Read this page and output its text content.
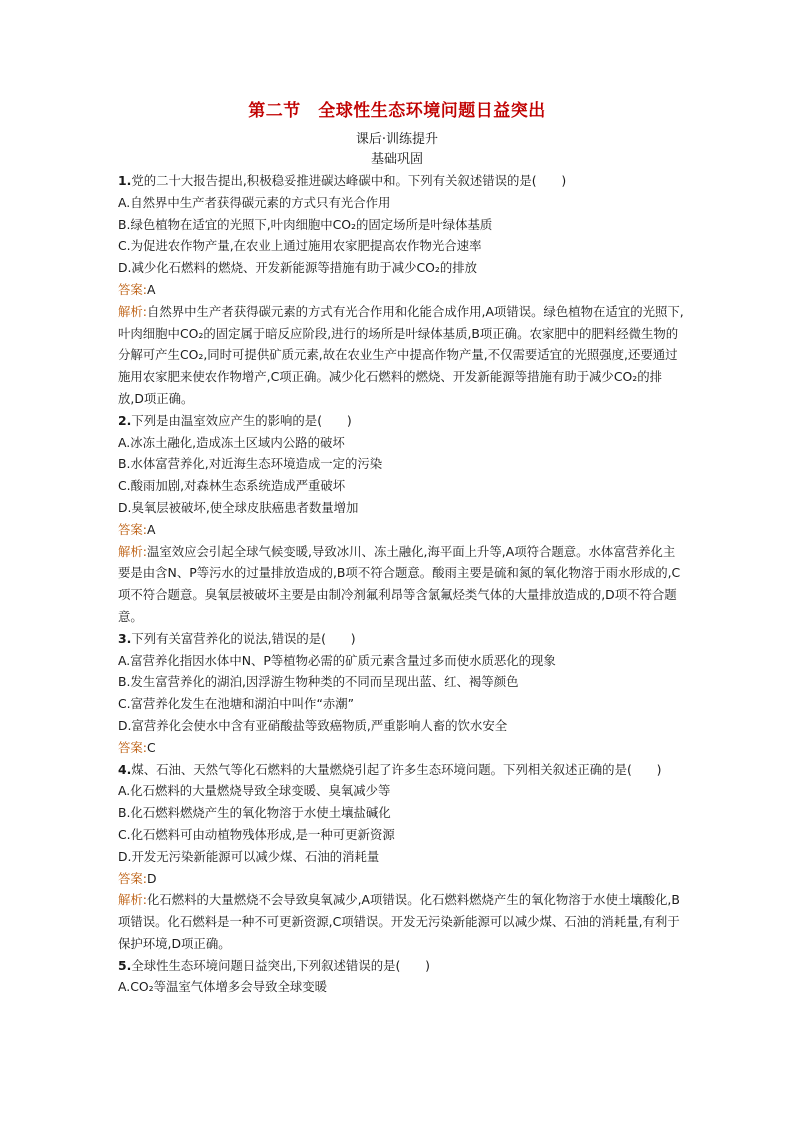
第二节　全球性生态环境问题日益突出
课后·训练提升
基础巩固

1.党的二十大报告提出,积极稳妥推进碳达峰碳中和。下列有关叙述错误的是(　　)

A.自然界中生产者获得碳元素的方式只有光合作用

B.绿色植物在适宜的光照下,叶肉细胞中CO₂的固定场所是叶绿体基质

C.为促进农作物产量,在农业上通过施用农家肥提高农作物光合速率

D.减少化石燃料的燃烧、开发新能源等措施有助于减少CO₂的排放

答案:A

解析:自然界中生产者获得碳元素的方式有光合作用和化能合成作用,A项错误。绿色植物在适宜的光照下,叶肉细胞中CO₂的固定属于暗反应阶段,进行的场所是叶绿体基质,B项正确。农家肥中的肥料经微生物的分解可产生CO₂,同时可提供矿质元素,故在农业生产中提高作物产量,不仅需要适宜的光照强度,还要通过施用农家肥来使农作物增产,C项正确。减少化石燃料的燃烧、开发新能源等措施有助于减少CO₂的排放,D项正确。

2.下列是由温室效应产生的影响的是(　　)

A.冰冻土融化,造成冻土区域内公路的破坏

B.水体富营养化,对近海生态环境造成一定的污染

C.酸雨加剧,对森林生态系统造成严重破坏

D.臭氧层被破坏,使全球皮肤癌患者数量增加

答案:A

解析:温室效应会引起全球气候变暖,导致冰川、冻土融化,海平面上升等,A项符合题意。水体富营养化主要是由含N、P等污水的过量排放造成的,B项不符合题意。酸雨主要是硫和氮的氧化物溶于雨水形成的,C项不符合题意。臭氧层被破坏主要是由制冷剂氟利昂等含氯氟烃类气体的大量排放造成的,D项不符合题意。

3.下列有关富营养化的说法,错误的是(　　)

A.富营养化指因水体中N、P等植物必需的矿质元素含量过多而使水质恶化的现象

B.发生富营养化的湖泊,因浮游生物种类的不同而呈现出蓝、红、褐等颜色

C.富营养化发生在池塘和湖泊中叫作“赤潮”

D.富营养化会使水中含有亚硝酸盐等致癌物质,严重影响人畜的饮水安全

答案:C

4.煤、石油、天然气等化石燃料的大量燃烧引起了许多生态环境问题。下列相关叙述正确的是(　　)

A.化石燃料的大量燃烧导致全球变暖、臭氧减少等

B.化石燃料燃烧产生的氧化物溶于水使土壤盐碱化

C.化石燃料可由动植物残体形成,是一种可更新资源

D.开发无污染新能源可以减少煤、石油的消耗量

答案:D

解析:化石燃料的大量燃烧不会导致臭氧减少,A项错误。化石燃料燃烧产生的氧化物溶于水使土壤酸化,B项错误。化石燃料是一种不可更新资源,C项错误。开发无污染新能源可以减少煤、石油的消耗量,有利于保护环境,D项正确。

5.全球性生态环境问题日益突出,下列叙述错误的是(　　)

A.CO₂等温室气体增多会导致全球变暖
